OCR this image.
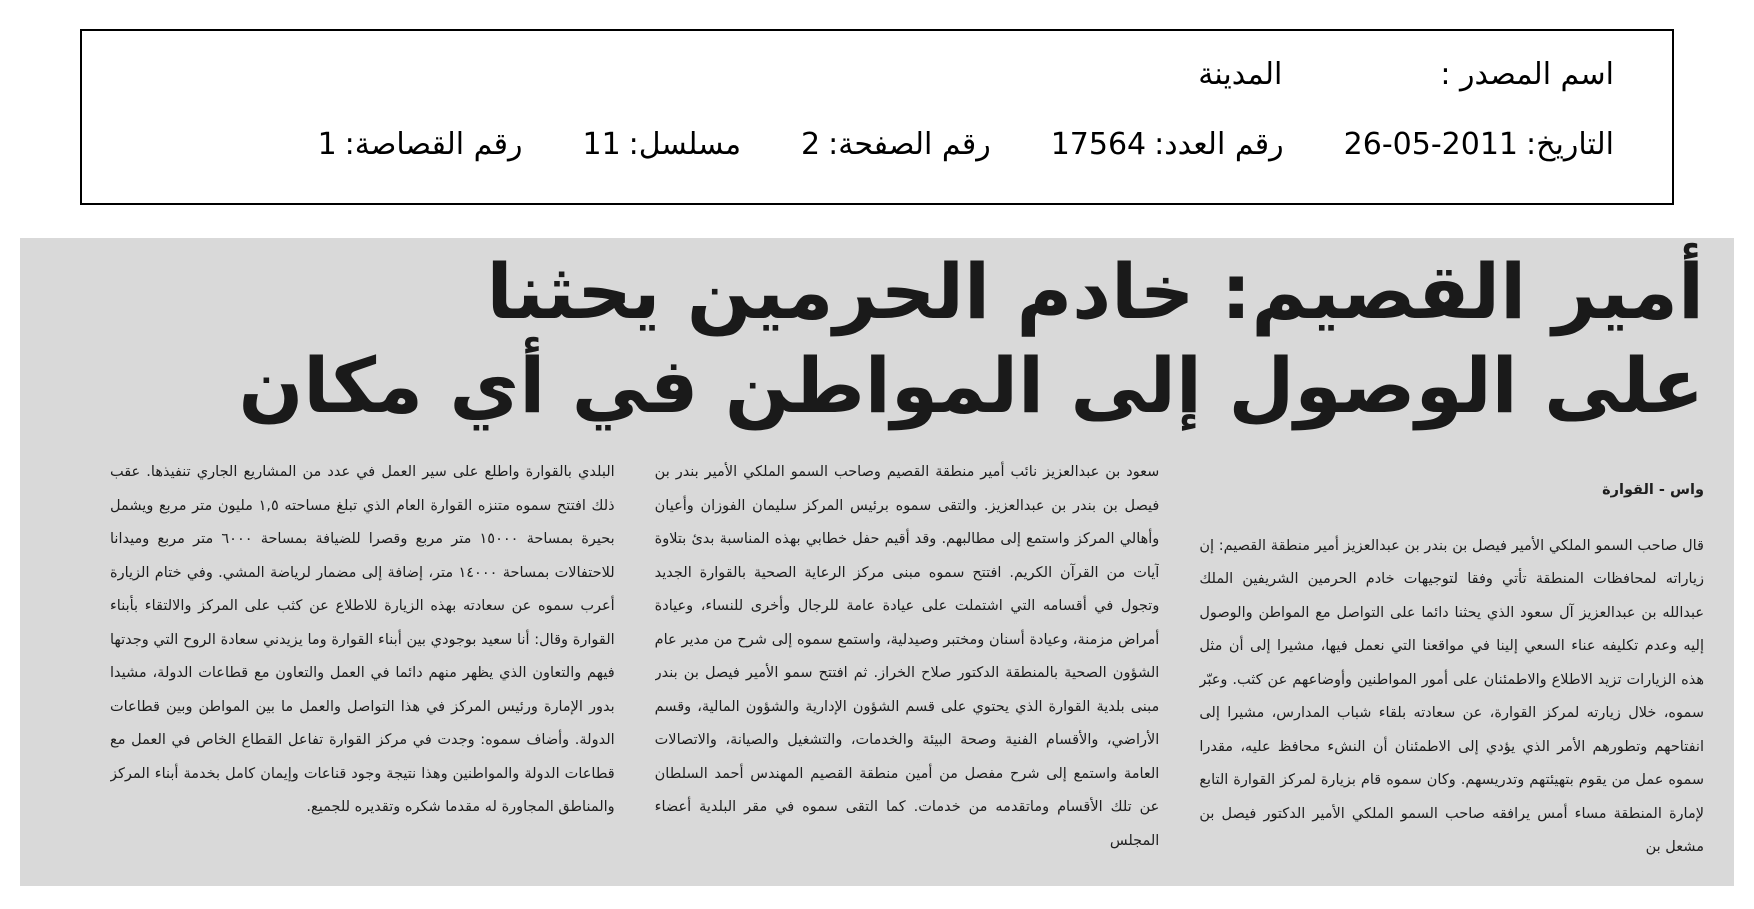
اسم المصدر :
المدينة
التاريخ:2011-05-26
رقم العدد:17564
رقم الصفحة:2
مسلسل:11
رقم القصاصة:1
أمير القصيم: خادم الحرمين يحثنا
على الوصول إلى المواطن في أي مكان

واس - القوارة

قال صاحب السمو الملكي الأمير فيصل بن بندر بن عبدالعزيز أمير منطقة القصيم: إن زياراته لمحافظات المنطقة تأتي وفقا لتوجيهات خادم الحرمين الشريفين الملك عبدالله بن عبدالعزيز آل سعود الذي يحثنا دائما على التواصل مع المواطن والوصول إليه وعدم تكليفه عناء السعي إلينا في مواقعنا التي نعمل فيها، مشيرا إلى أن مثل هذه الزيارات تزيد الاطلاع والاطمئنان على أمور المواطنين وأوضاعهم عن كثب. وعبّر سموه، خلال زيارته لمركز القوارة، عن سعادته بلقاء شباب المدارس، مشيرا إلى انفتاحهم وتطورهم الأمر الذي يؤدي إلى الاطمئنان أن النشء محافظ عليه، مقدرا سموه عمل من يقوم بتهيئتهم وتدريسهم. وكان سموه قام بزيارة لمركز القوارة التابع لإمارة المنطقة مساء أمس يرافقه صاحب السمو الملكي الأمير الدكتور فيصل بن مشعل بن

سعود بن عبدالعزيز نائب أمير منطقة القصيم وصاحب السمو الملكي الأمير بندر بن فيصل بن بندر بن عبدالعزيز. والتقى سموه برئيس المركز سليمان الفوزان وأعيان وأهالي المركز واستمع إلى مطالبهم. وقد أقيم حفل خطابي بهذه المناسبة بدئ بتلاوة آيات من القرآن الكريم. افتتح سموه مبنى مركز الرعاية الصحية بالقوارة الجديد وتجول في أقسامه التي اشتملت على عيادة عامة للرجال وأخرى للنساء، وعيادة أمراض مزمنة، وعيادة أسنان ومختبر وصيدلية، واستمع سموه إلى شرح من مدير عام الشؤون الصحية بالمنطقة الدكتور صلاح الخراز. ثم افتتح سمو الأمير فيصل بن بندر مبنى بلدية القوارة الذي يحتوي على قسم الشؤون الإدارية والشؤون المالية، وقسم الأراضي، والأقسام الفنية وصحة البيئة والخدمات، والتشغيل والصيانة، والاتصالات العامة واستمع إلى شرح مفصل من أمين منطقة القصيم المهندس أحمد السلطان عن تلك الأقسام وماتقدمه من خدمات. كما التقى سموه في مقر البلدية أعضاء المجلس

البلدي بالقوارة واطلع على سير العمل في عدد من المشاريع الجاري تنفيذها. عقب ذلك افتتح سموه متنزه القوارة العام الذي تبلغ مساحته ١,٥ مليون متر مربع ويشمل بحيرة بمساحة ١٥٠٠٠ متر مربع وقصرا للضيافة بمساحة ٦٠٠٠ متر مربع وميدانا للاحتفالات بمساحة ١٤٠٠٠ متر، إضافة إلى مضمار لرياضة المشي. وفي ختام الزيارة أعرب سموه عن سعادته بهذه الزيارة للاطلاع عن كثب على المركز والالتقاء بأبناء القوارة وقال: أنا سعيد بوجودي بين أبناء القوارة وما يزيدني سعادة الروح التي وجدتها فيهم والتعاون الذي يظهر منهم دائما في العمل والتعاون مع قطاعات الدولة، مشيدا بدور الإمارة ورئيس المركز في هذا التواصل والعمل ما بين المواطن وبين قطاعات الدولة. وأضاف سموه: وجدت في مركز القوارة تفاعل القطاع الخاص في العمل مع قطاعات الدولة والمواطنين وهذا نتيجة وجود قناعات وإيمان كامل بخدمة أبناء المركز والمناطق المجاورة له مقدما شكره وتقديره للجميع.
